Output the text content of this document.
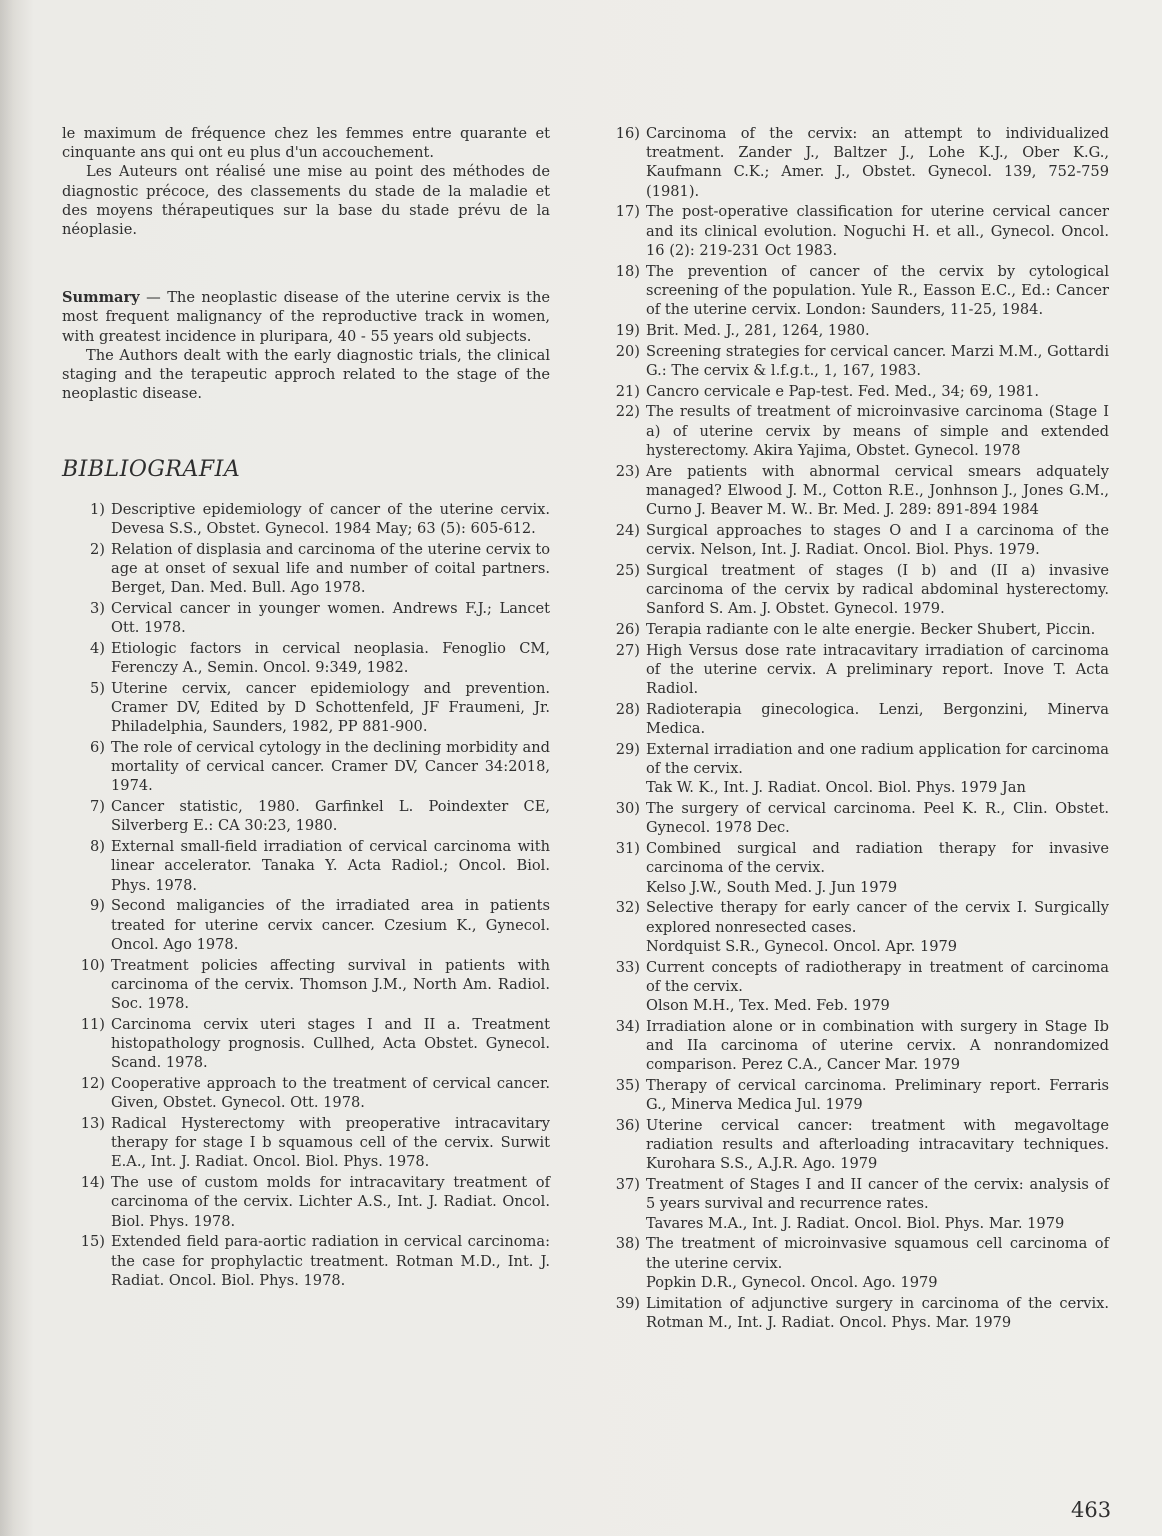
le maximum de fréquence chez les femmes entre quarante et cinquante ans qui ont eu plus d'un accouchement.

Les Auteurs ont réalisé une mise au point des méthodes de diagnostic précoce, des classements du stade de la maladie et des moyens thérapeutiques sur la base du stade prévu de la néoplasie.

Summary — The neoplastic disease of the uterine cervix is the most frequent malignancy of the reproductive track in women, with greatest incidence in pluripara, 40 - 55 years old subjects.

The Authors dealt with the early diagnostic trials, the clinical staging and the terapeutic approch related to the stage of the neoplastic disease.

BIBLIOGRAFIA
1) Descriptive epidemiology of cancer of the uterine cervix. Devesa S.S., Obstet. Gynecol. 1984 May; 63 (5): 605-612.
2) Relation of displasia and carcinoma of the uterine cervix to age at onset of sexual life and number of coital partners. Berget, Dan. Med. Bull. Ago 1978.
3) Cervical cancer in younger women. Andrews F.J.; Lancet Ott. 1978.
4) Etiologic factors in cervical neoplasia. Fenoglio CM, Ferenczy A., Semin. Oncol. 9:349, 1982.
5) Uterine cervix, cancer epidemiology and prevention. Cramer DV, Edited by D Schottenfeld, JF Fraumeni, Jr. Philadelphia, Saunders, 1982, PP 881-900.
6) The role of cervical cytology in the declining morbidity and mortality of cervical cancer. Cramer DV, Cancer 34:2018, 1974.
7) Cancer statistic, 1980. Garfinkel L. Poindexter CE, Silverberg E.: CA 30:23, 1980.
8) External small-field irradiation of cervical carcinoma with linear accelerator. Tanaka Y. Acta Radiol.; Oncol. Biol. Phys. 1978.
9) Second maligancies of the irradiated area in patients treated for uterine cervix cancer. Czesium K., Gynecol. Oncol. Ago 1978.
10) Treatment policies affecting survival in patients with carcinoma of the cervix. Thomson J.M., North Am. Radiol. Soc. 1978.
11) Carcinoma cervix uteri stages I and II a. Treatment histopathology prognosis. Cullhed, Acta Obstet. Gynecol. Scand. 1978.
12) Cooperative approach to the treatment of cervical cancer. Given, Obstet. Gynecol. Ott. 1978.
13) Radical Hysterectomy with preoperative intracavitary therapy for stage I b squamous cell of the cervix. Surwit E.A., Int. J. Radiat. Oncol. Biol. Phys. 1978.
14) The use of custom molds for intracavitary treatment of carcinoma of the cervix. Lichter A.S., Int. J. Radiat. Oncol. Biol. Phys. 1978.
15) Extended field para-aortic radiation in cervical carcinoma: the case for prophylactic treatment. Rotman M.D., Int. J. Radiat. Oncol. Biol. Phys. 1978.
16) Carcinoma of the cervix: an attempt to individualized treatment. Zander J., Baltzer J., Lohe K.J., Ober K.G., Kaufmann C.K.; Amer. J., Obstet. Gynecol. 139, 752-759 (1981).
17) The post-operative classification for uterine cervical cancer and its clinical evolution. Noguchi H. et all., Gynecol. Oncol. 16 (2): 219-231 Oct 1983.
18) The prevention of cancer of the cervix by cytological screening of the population. Yule R., Easson E.C., Ed.: Cancer of the uterine cervix. London: Saunders, 11-25, 1984.
19) Brit. Med. J., 281, 1264, 1980.
20) Screening strategies for cervical cancer. Marzi M.M., Gottardi G.: The cervix & l.f.g.t., 1, 167, 1983.
21) Cancro cervicale e Pap-test. Fed. Med., 34; 69, 1981.
22) The results of treatment of microinvasive carcinoma (Stage I a) of uterine cervix by means of simple and extended hysterectomy. Akira Yajima, Obstet. Gynecol. 1978
23) Are patients with abnormal cervical smears adquately managed? Elwood J. M., Cotton R.E., Jonhnson J., Jones G.M., Curno J. Beaver M. W.. Br. Med. J. 289: 891-894 1984
24) Surgical approaches to stages O and I a carcinoma of the cervix. Nelson, Int. J. Radiat. Oncol. Biol. Phys. 1979.
25) Surgical treatment of stages (I b) and (II a) invasive carcinoma of the cervix by radical abdominal hysterectomy. Sanford S. Am. J. Obstet. Gynecol. 1979.
26) Terapia radiante con le alte energie. Becker Shubert, Piccin.
27) High Versus dose rate intracavitary irradiation of carcinoma of the uterine cervix. A preliminary report. Inove T. Acta Radiol.
28) Radioterapia ginecologica. Lenzi, Bergonzini, Minerva Medica.
29) External irradiation and one radium application for carcinoma of the cervix.
Tak W. K., Int. J. Radiat. Oncol. Biol. Phys. 1979 Jan
30) The surgery of cervical carcinoma. Peel K. R., Clin. Obstet. Gynecol. 1978 Dec.
31) Combined surgical and radiation therapy for invasive carcinoma of the cervix.
Kelso J.W., South Med. J. Jun 1979
32) Selective therapy for early cancer of the cervix I. Surgically explored nonresected cases.
Nordquist S.R., Gynecol. Oncol. Apr. 1979
33) Current concepts of radiotherapy in treatment of carcinoma of the cervix.
Olson M.H., Tex. Med. Feb. 1979
34) Irradiation alone or in combination with surgery in Stage Ib and IIa carcinoma of uterine cervix. A nonrandomized comparison. Perez C.A., Cancer Mar. 1979
35) Therapy of cervical carcinoma. Preliminary report. Ferraris G., Minerva Medica Jul. 1979
36) Uterine cervical cancer: treatment with megavoltage radiation results and afterloading intracavitary techniques. Kurohara S.S., A.J.R. Ago. 1979
37) Treatment of Stages I and II cancer of the cervix: analysis of 5 years survival and recurrence rates.
Tavares M.A., Int. J. Radiat. Oncol. Biol. Phys. Mar. 1979
38) The treatment of microinvasive squamous cell carcinoma of the uterine cervix.
Popkin D.R., Gynecol. Oncol. Ago. 1979
39) Limitation of adjunctive surgery in carcinoma of the cervix. Rotman M., Int. J. Radiat. Oncol. Phys. Mar. 1979
463
